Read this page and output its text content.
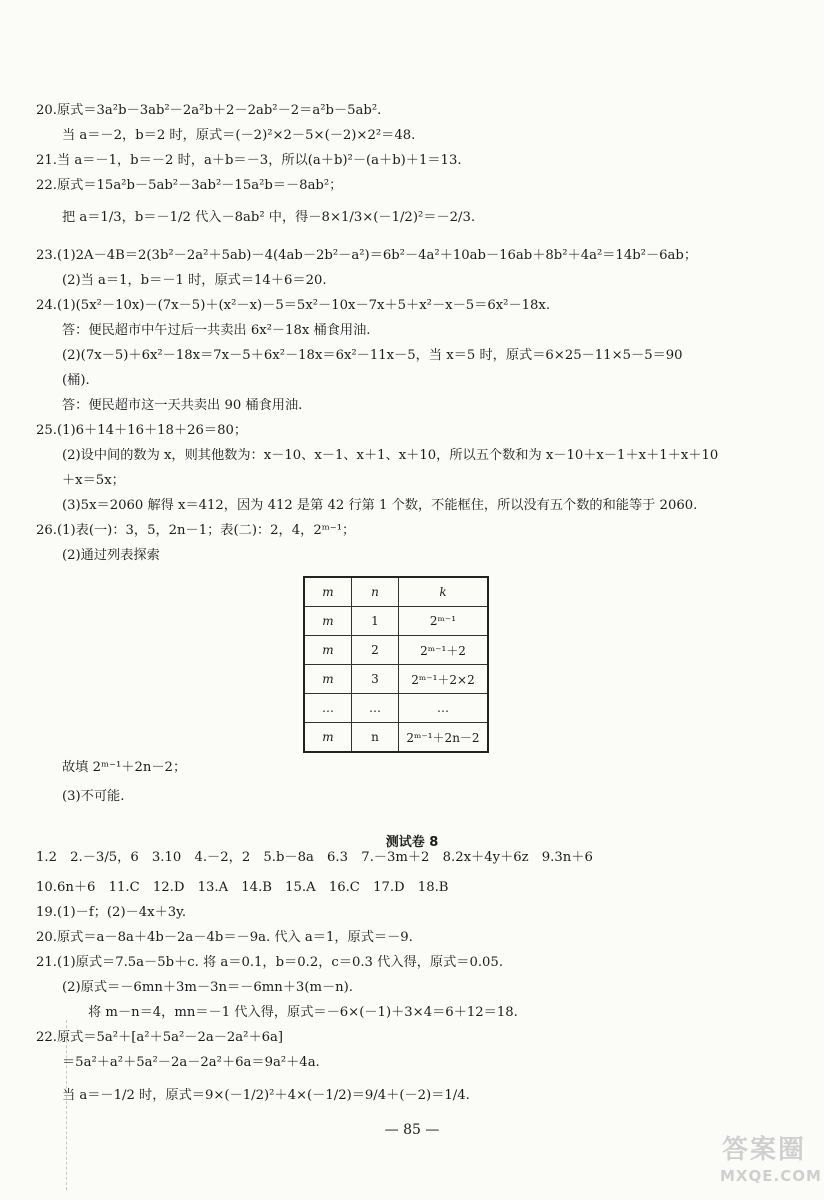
20.原式＝3a²b－3ab²－2a²b＋2－2ab²－2＝a²b－5ab².
当 a＝－2，b＝2 时，原式＝(－2)²×2－5×(－2)×2²＝48.
21.当 a＝－1，b＝－2 时，a＋b＝－3，所以(a＋b)²－(a＋b)＋1＝13.
22.原式＝15a²b－5ab²－3ab²－15a²b＝－8ab²；
把 a＝1/3，b＝－1/2 代入－8ab² 中，得－8×1/3×(－1/2)²＝－2/3.
23.(1)2A－4B＝2(3b²－2a²＋5ab)－4(4ab－2b²－a²)＝6b²－4a²＋10ab－16ab＋8b²＋4a²＝14b²－6ab；
(2)当 a＝1，b＝－1 时，原式＝14＋6＝20.
24.(1)(5x²－10x)－(7x－5)＋(x²－x)－5＝5x²－10x－7x＋5＋x²－x－5＝6x²－18x.
答：便民超市中午过后一共卖出 6x²－18x 桶食用油.
(2)(7x－5)＋6x²－18x＝7x－5＋6x²－18x＝6x²－11x－5，当 x＝5 时，原式＝6×25－11×5－5＝90
(桶).
答：便民超市这一天共卖出 90 桶食用油.
25.(1)6＋14＋16＋18＋26＝80；
(2)设中间的数为 x，则其他数为：x－10、x－1、x＋1、x＋10，所以五个数和为 x－10＋x－1＋x＋1＋x＋10
＋x＝5x；
(3)5x＝2060 解得 x＝412，因为 412 是第 42 行第 1 个数，不能框住，所以没有五个数的和能等于 2060.
26.(1)表(一)：3，5，2n－1；表(二)：2，4，2ᵐ⁻¹；
(2)通过列表探索
m	n	k
m	1	2ᵐ⁻¹
m	2	2ᵐ⁻¹＋2
m	3	2ᵐ⁻¹＋2×2
…	…	…
m	n	2ᵐ⁻¹＋2n－2
故填 2ᵐ⁻¹＋2n－2；
(3)不可能.
测试卷 8
1.2　2.－3/5，6　3.10　4.－2，2　5.b－8a　6.3　7.－3m＋2　8.2x＋4y＋6z　9.3n＋6
10.6n＋6　11.C　12.D　13.A　14.B　15.A　16.C　17.D　18.B
19.(1)－f；(2)－4x＋3y.
20.原式＝a－8a＋4b－2a－4b＝－9a. 代入 a＝1，原式＝－9.
21.(1)原式＝7.5a－5b＋c. 将 a＝0.1，b＝0.2，c＝0.3 代入得，原式＝0.05.
(2)原式＝－6mn＋3m－3n＝－6mn＋3(m－n).
将 m－n＝4，mn＝－1 代入得，原式＝－6×(－1)＋3×4＝6＋12＝18.
22.原式＝5a²＋[a²＋5a²－2a－2a²＋6a]
＝5a²＋a²＋5a²－2a－2a²＋6a＝9a²＋4a.
当 a＝－1/2 时，原式＝9×(－1/2)²＋4×(－1/2)＝9/4＋(－2)＝1/4.
— 85 —
答案圈
MXQE.COM
